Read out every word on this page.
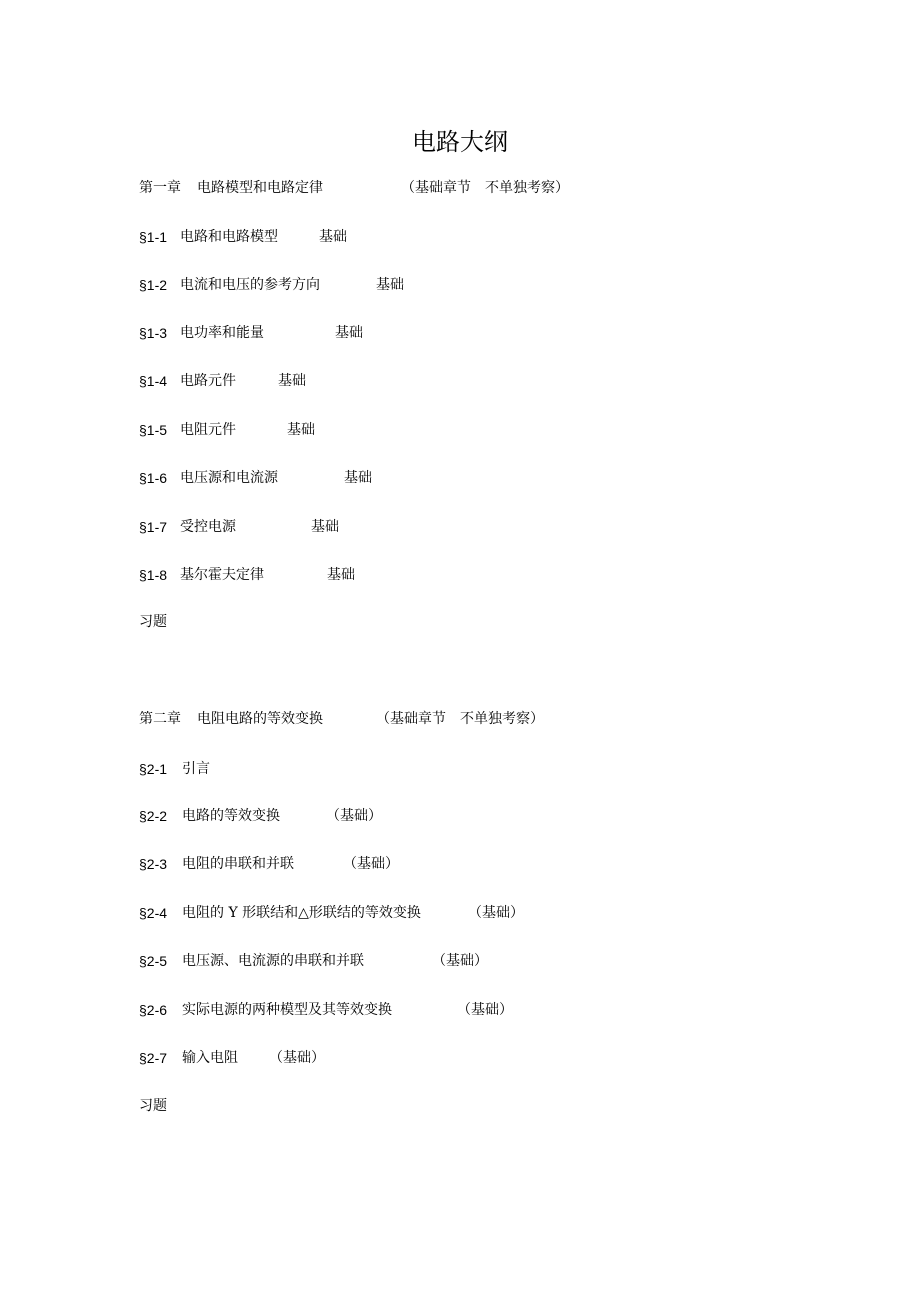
电路大纲
第一章 电路模型和电路定律	（基础章节　不单独考察）
§1-1 电路和电路模型	基础
§1-2 电流和电压的参考方向	基础
§1-3 电功率和能量	基础
§1-4 电路元件	基础
§1-5 电阻元件	基础
§1-6 电压源和电流源	基础
§1-7 受控电源	基础
§1-8 基尔霍夫定律	基础
习题
第二章 电阻电路的等效变换	（基础章节　不单独考察）
§2-1 引言
§2-2 电路的等效变换	（基础）
§2-3 电阻的串联和并联	（基础）
§2-4 电阻的 Y 形联结和△形联结的等效变换	（基础）
§2-5 电压源、电流源的串联和并联	（基础）
§2-6 实际电源的两种模型及其等效变换	（基础）
§2-7 输入电阻 （基础）
习题
